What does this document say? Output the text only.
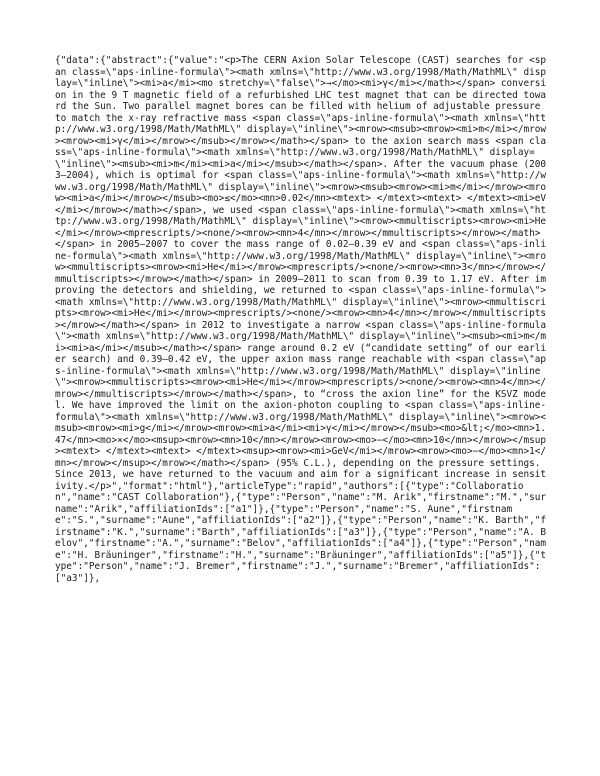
{"data":{"abstract":{"value":"<p>The CERN Axion Solar Telescope (CAST) searches for <span class=\"aps-inline-formula\"><math xmlns=\"http://www.w3.org/1998/Math/MathML\" display=\"inline\"><mi>a</mi><mo stretchy=\"false\">→</mo><mi>γ</mi></math></span> conversion in the 9 T magnetic field of a refurbished LHC test magnet that can be directed toward the Sun. Two parallel magnet bores can be filled with helium of adjustable pressure to match the x-ray refractive mass <span class=\"aps-inline-formula\"><math xmlns=\"http://www.w3.org/1998/Math/MathML\" display=\"inline\"><mrow><msub><mrow><mi>m</mi></mrow><mrow><mi>γ</mi></mrow></msub></mrow></math></span> to the axion search mass <span class=\"aps-inline-formula\"><math xmlns=\"http://www.w3.org/1998/Math/MathML\" display=\"inline\"><msub><mi>m</mi><mi>a</mi></msub></math></span>. After the vacuum phase (2003–2004), which is optimal for <span class=\"aps-inline-formula\"><math xmlns=\"http://www.w3.org/1998/Math/MathML\" display=\"inline\"><mrow><msub><mrow><mi>m</mi></mrow><mrow><mi>a</mi></mrow></msub><mo>≲</mo><mn>0.02</mn><mtext> </mtext><mtext> </mtext><mi>eV</mi></mrow></math></span>, we used <span class=\"aps-inline-formula\"><math xmlns=\"http://www.w3.org/1998/Math/MathML\" display=\"inline\"><mrow><mmultiscripts><mrow><mi>He</mi></mrow><mprescripts/><none/><mrow><mn>4</mn></mrow></mmultiscripts></mrow></math></span> in 2005–2007 to cover the mass range of 0.02–0.39 eV and <span class=\"aps-inline-formula\"><math xmlns=\"http://www.w3.org/1998/Math/MathML\" display=\"inline\"><mrow><mmultiscripts><mrow><mi>He</mi></mrow><mprescripts/><none/><mrow><mn>3</mn></mrow></mmultiscripts></mrow></math></span> in 2009–2011 to scan from 0.39 to 1.17 eV. After improving the detectors and shielding, we returned to <span class=\"aps-inline-formula\"><math xmlns=\"http://www.w3.org/1998/Math/MathML\" display=\"inline\"><mrow><mmultiscripts><mrow><mi>He</mi></mrow><mprescripts/><none/><mrow><mn>4</mn></mrow></mmultiscripts></mrow></math></span> in 2012 to investigate a narrow <span class=\"aps-inline-formula\"><math xmlns=\"http://www.w3.org/1998/Math/MathML\" display=\"inline\"><msub><mi>m</mi><mi>a</mi></msub></math></span> range around 0.2 eV (“candidate setting” of our earlier search) and 0.39–0.42 eV, the upper axion mass range reachable with <span class=\"aps-inline-formula\"><math xmlns=\"http://www.w3.org/1998/Math/MathML\" display=\"inline\"><mrow><mmultiscripts><mrow><mi>He</mi></mrow><mprescripts/><none/><mrow><mn>4</mn></mrow></mmultiscripts></mrow></math></span>, to “cross the axion line” for the KSVZ model. We have improved the limit on the axion-photon coupling to <span class=\"aps-inline-formula\"><math xmlns=\"http://www.w3.org/1998/Math/MathML\" display=\"inline\"><mrow><msub><mrow><mi>g</mi></mrow><mrow><mi>a</mi><mi>γ</mi></mrow></msub><mo>&lt;</mo><mn>1.47</mn><mo>×</mo><msup><mrow><mn>10</mn></mrow><mrow><mo>−</mo><mn>10</mn></mrow></msup><mtext> </mtext><mtext> </mtext><msup><mrow><mi>GeV</mi></mrow><mrow><mo>−</mo><mn>1</mn></mrow></msup></mrow></math></span> (95% C.L.), depending on the pressure settings. Since 2013, we have returned to the vacuum and aim for a significant increase in sensitivity.</p>","format":"html"},"articleType":"rapid","authors":[{"type":"Collaboration","name":"CAST Collaboration"},{"type":"Person","name":"M. Arik","firstname":"M.","surname":"Arik","affiliationIds":["a1"]},{"type":"Person","name":"S. Aune","firstname":"S.","surname":"Aune","affiliationIds":["a2"]},{"type":"Person","name":"K. Barth","firstname":"K.","surname":"Barth","affiliationIds":["a3"]},{"type":"Person","name":"A. Belov","firstname":"A.","surname":"Belov","affiliationIds":["a4"]},{"type":"Person","name":"H. Bräuninger","firstname":"H.","surname":"Bräuninger","affiliationIds":["a5"]},{"type":"Person","name":"J. Bremer","firstname":"J.","surname":"Bremer","affiliationIds":["a3"]},
